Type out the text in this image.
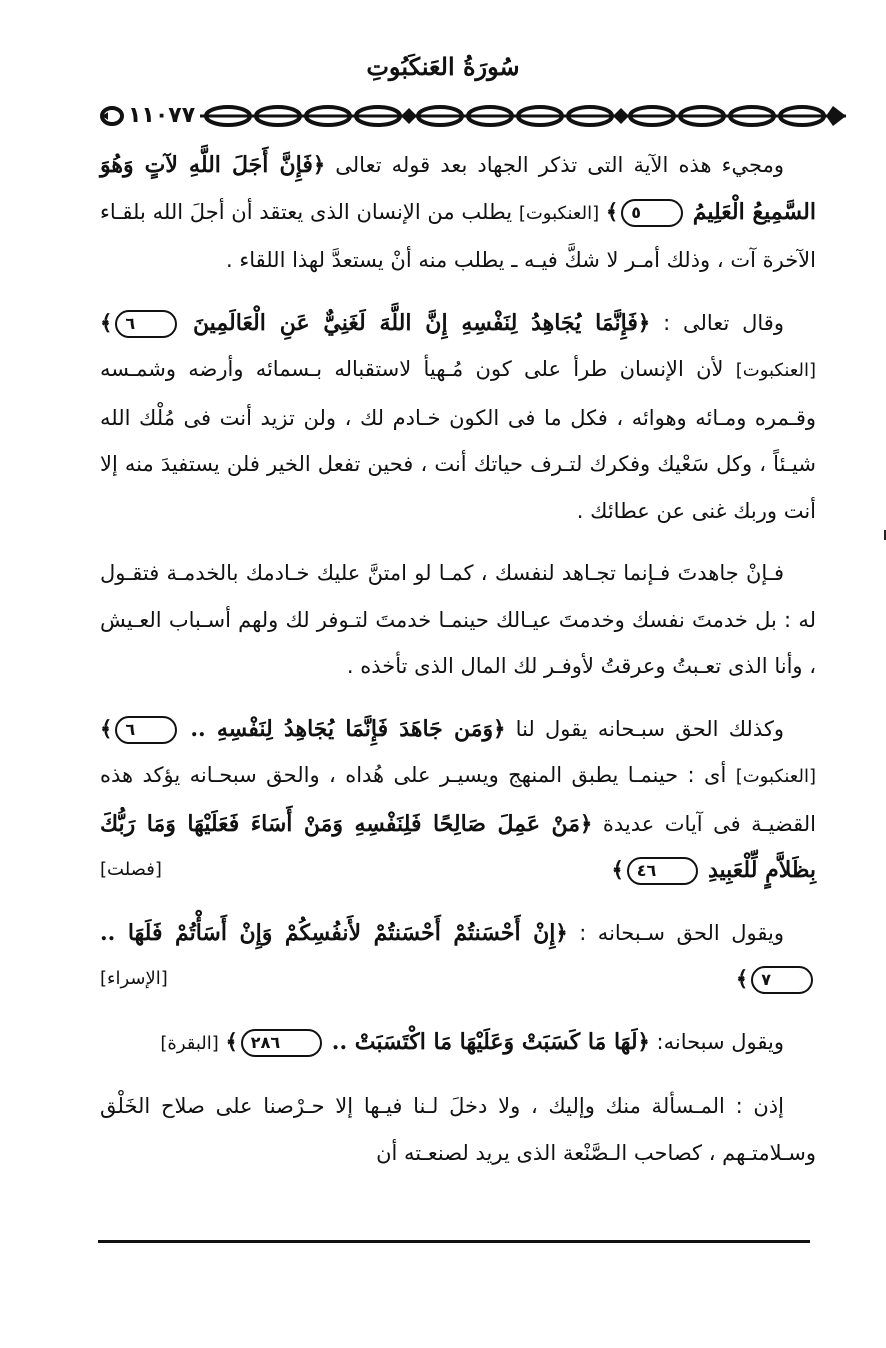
سُورَةُ العَنكَبُوتِ
١١٠٧٧

ومجيء هذه الآية التى تذكر الجهاد بعد قوله تعالى ﴿فَإِنَّ أَجَلَ اللَّهِ لآتٍ وَهُوَ السَّمِيعُ الْعَلِيمُ ٥﴾ [العنكبوت] يطلب من الإنسان الذى يعتقد أن أجلَ الله بلقـاء الآخرة آت ، وذلك أمـر لا شكَّ فيـه ـ يطلب منه أنْ يستعدَّ لهذا اللقاء .

وقال تعالى : ﴿فَإِنَّمَا يُجَاهِدُ لِنَفْسِهِ إِنَّ اللَّهَ لَغَنِيٌّ عَنِ الْعَالَمِينَ ٦﴾ [العنكبوت] لأن الإنسان طرأ على كون مُـهيأ لاستقباله بـسمائه وأرضه وشمـسه وقـمره ومـائه وهوائه ، فكل ما فى الكون خـادم لك ، ولن تزيد أنت فى مُلْك الله شيـئاً ، وكل سَعْيك وفكرك لتـرف حياتك أنت ، فحين تفعل الخير فلن يستفيدَ منه إلا أنت وربك غنى عن عطائك .

فـإنْ جاهدتَ فـإنما تجـاهد لنفسك ، كمـا لو امتنَّ عليك خـادمك بالخدمـة فتقـول له : بل خدمتَ نفسك وخدمتَ عيـالك حينمـا خدمتَ لتـوفر لك ولهم أسـباب العـيش ، وأنا الذى تعـبتُ وعرقتُ لأوفـر لك المال الذى تأخذه .

وكذلك الحق سبـحانه يقول لنا ﴿وَمَن جَاهَدَ فَإِنَّمَا يُجَاهِدُ لِنَفْسِهِ .. ٦﴾ [العنكبوت] أى : حينمـا يطبق المنهج ويسيـر على هُداه ، والحق سبحـانه يؤكد هذه القضيـة فى آيات عديدة ﴿مَنْ عَمِلَ صَالِحًا فَلِنَفْسِهِ وَمَنْ أَسَاءَ فَعَلَيْهَا وَمَا رَبُّكَ بِظَلاَّمٍ لِّلْعَبِيدِ ٤٦﴾
[فصلت]

ويقول الحق سـبحانه : ﴿إِنْ أَحْسَنتُمْ أَحْسَنتُمْ لأَنفُسِكُمْ وَإِنْ أَسَأْتُمْ فَلَهَا .. ٧﴾
[الإسراء]

ويقول سبحانه: ﴿لَهَا مَا كَسَبَتْ وَعَلَيْهَا مَا اكْتَسَبَتْ .. ٢٨٦﴾ [البقرة]

إذن : المـسألة منك وإليك ، ولا دخلَ لـنا فيـها إلا حـرْصنا على صلاح الخَلْق وسـلامتـهم ، كصاحب الـصَّنْعة الذى يريد لصنعـته أن
